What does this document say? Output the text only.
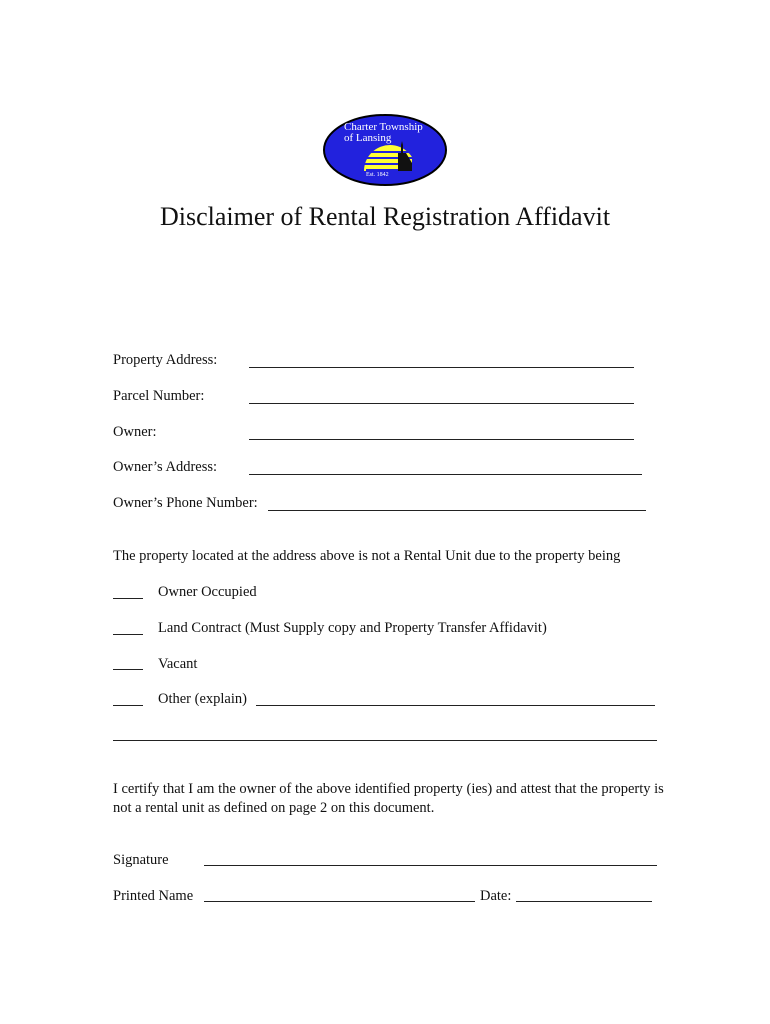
Charter Township
of Lansing
Est. 1842
Disclaimer of Rental Registration Affidavit
Property Address:
Parcel Number:
Owner:
Owner’s Address:
Owner’s Phone Number:
The property located at the address above is not a Rental Unit due to the property being
Owner Occupied
Land Contract (Must Supply copy and Property Transfer Affidavit)
Vacant
Other (explain)
I certify that I am the owner of the above identified property (ies) and attest that the property is not a rental unit as defined on page 2 on this document.
Signature
Printed Name	Date:
